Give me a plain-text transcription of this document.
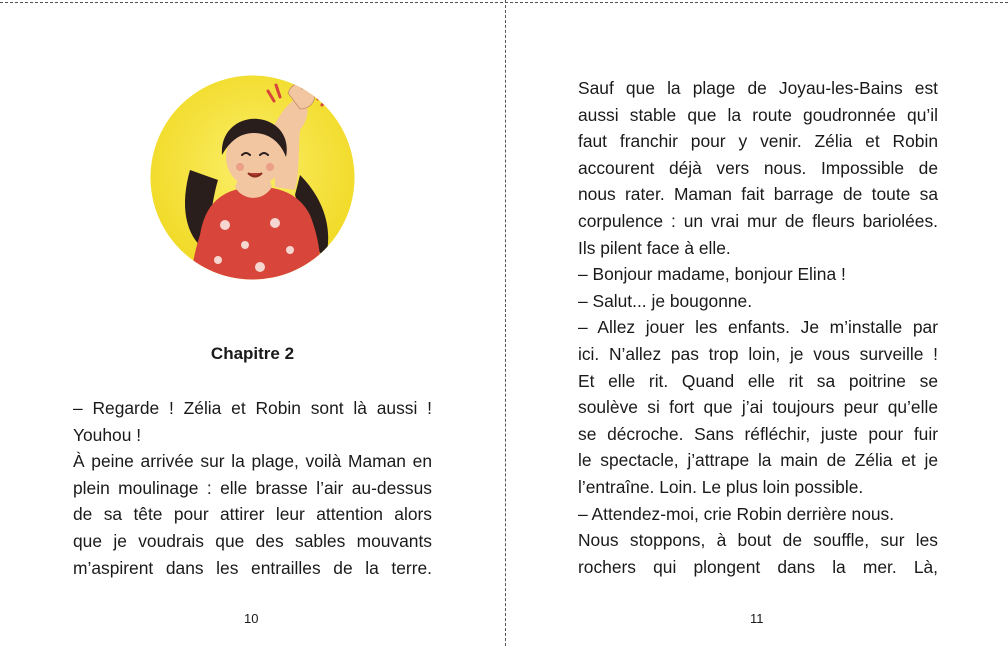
Chapitre 2
– Regarde ! Zélia et Robin sont là aussi !
Youhou !
À peine arrivée sur la plage, voilà Maman en
plein moulinage : elle brasse l’air au-dessus
de sa tête pour attirer leur attention alors
que je voudrais que des sables mouvants
m’aspirent dans les entrailles de la terre.
10
Sauf que la plage de Joyau-les-Bains est
aussi stable que la route goudronnée qu’il
faut franchir pour y venir. Zélia et Robin
accourent déjà vers nous. Impossible de
nous rater. Maman fait barrage de toute sa
corpulence : un vrai mur de fleurs bariolées.
Ils pilent face à elle.
– Bonjour madame, bonjour Elina !
– Salut... je bougonne.
– Allez jouer les enfants. Je m’installe par
ici. N’allez pas trop loin, je vous surveille !
Et elle rit. Quand elle rit sa poitrine se
soulève si fort que j’ai toujours peur qu’elle
se décroche. Sans réfléchir, juste pour fuir
le spectacle, j’attrape la main de Zélia et je
l’entraîne. Loin. Le plus loin possible.
– Attendez-moi, crie Robin derrière nous.
Nous stoppons, à bout de souffle, sur les
rochers qui plongent dans la mer. Là,
11
